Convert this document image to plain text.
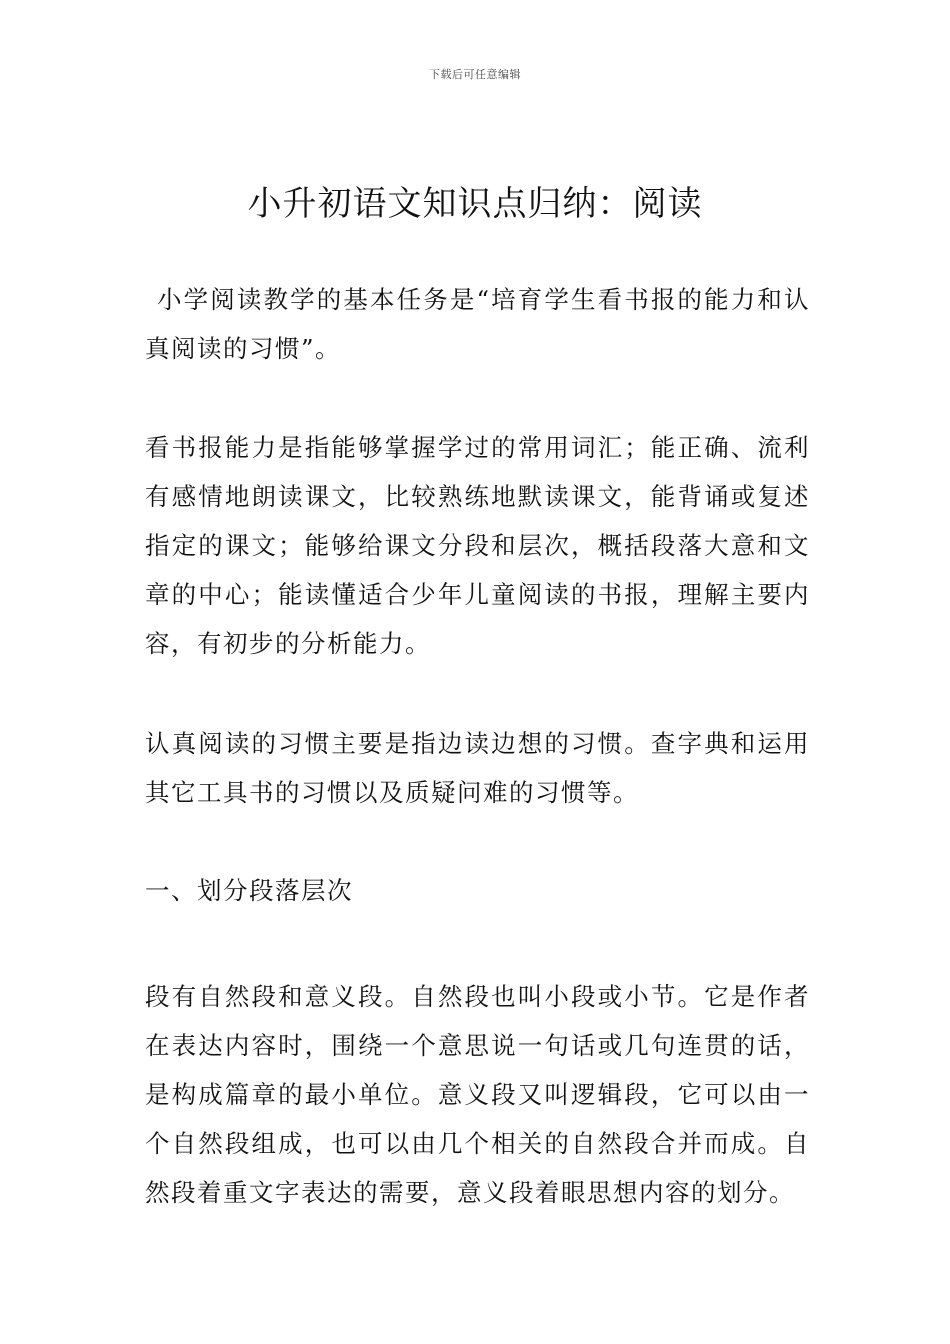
下载后可任意编辑
小升初语文知识点归纳：阅读

小学阅读教学的基本任务是“培育学生看书报的能力和认真阅读的习惯”。

看书报能力是指能够掌握学过的常用词汇；能正确、流利有感情地朗读课文，比较熟练地默读课文，能背诵或复述指定的课文；能够给课文分段和层次，概括段落大意和文章的中心；能读懂适合少年儿童阅读的书报，理解主要内容，有初步的分析能力。

认真阅读的习惯主要是指边读边想的习惯。查字典和运用其它工具书的习惯以及质疑问难的习惯等。

一、划分段落层次

段有自然段和意义段。自然段也叫小段或小节。它是作者在表达内容时，围绕一个意思说一句话或几句连贯的话，是构成篇章的最小单位。意义段又叫逻辑段，它可以由一个自然段组成，也可以由几个相关的自然段合并而成。自然段着重文字表达的需要，意义段着眼思想内容的划分。
